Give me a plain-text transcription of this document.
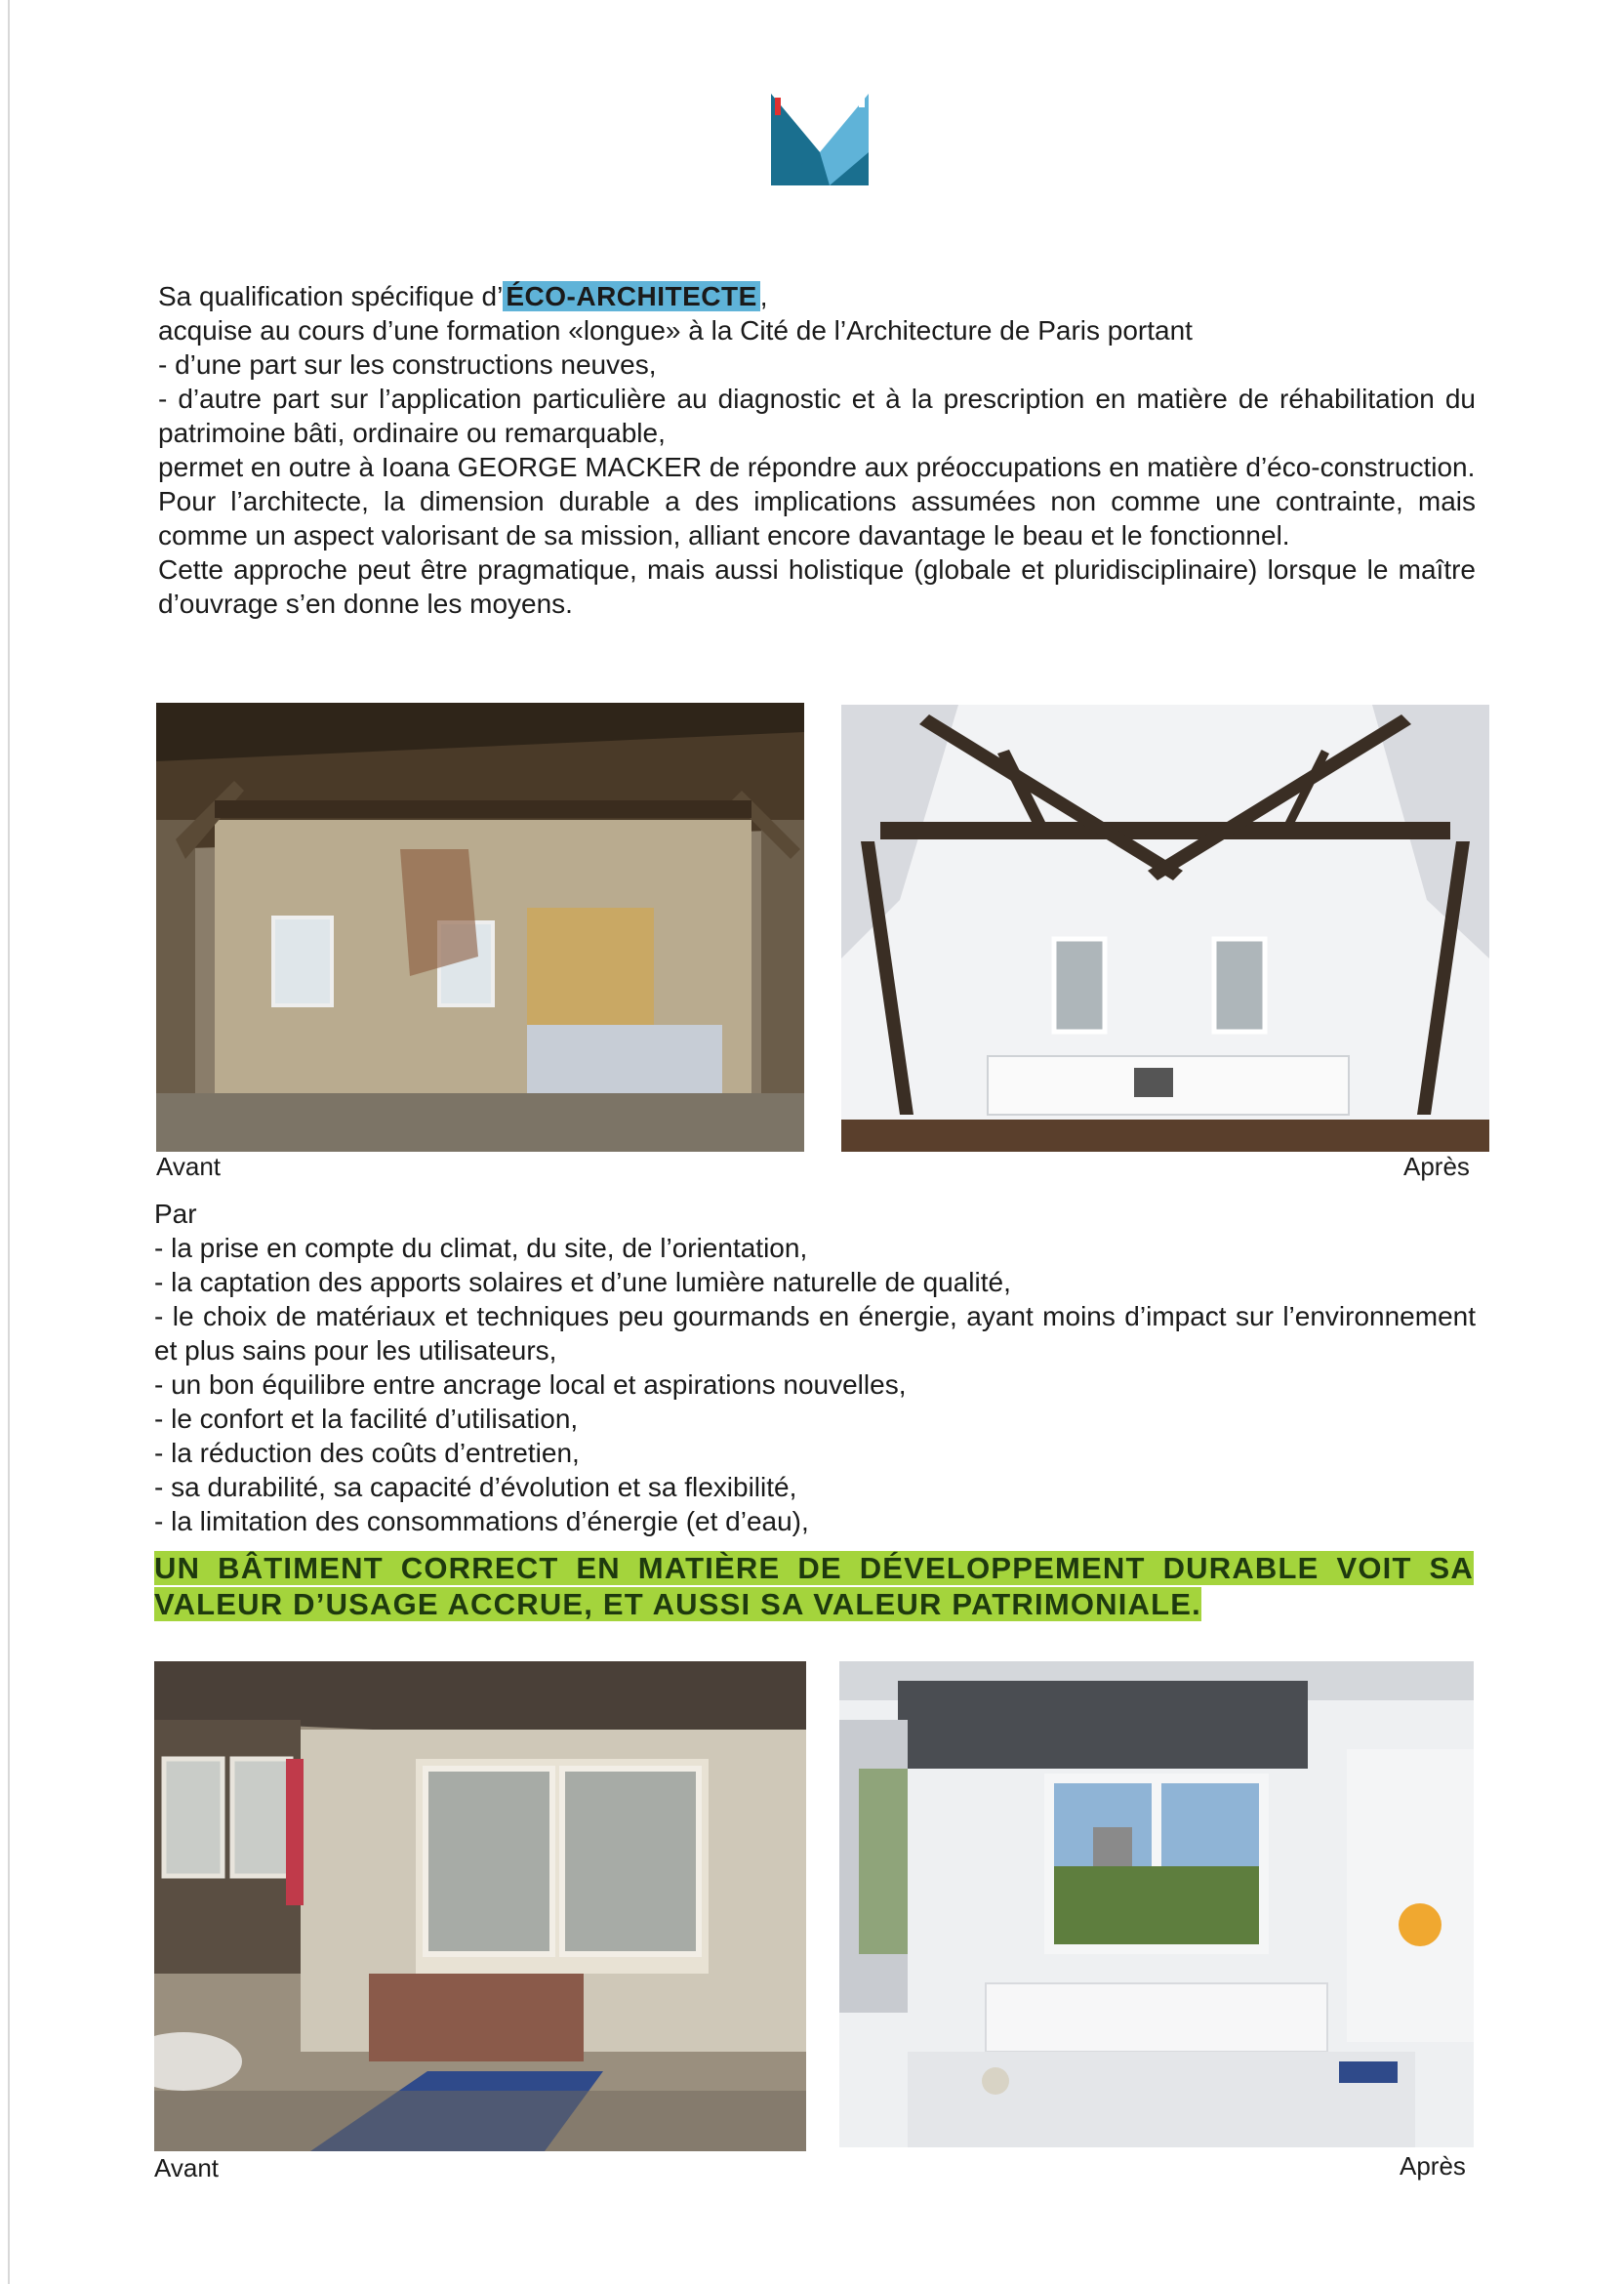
Sa qualification spécifique d’ ÉCO-ARCHITECTE ,

acquise au cours d’une formation «longue» à la Cité de l’Architecture de Paris portant

- d’une part sur les constructions neuves,

- d’autre part sur l’application particulière au diagnostic et à la prescription en matière de réhabilitation du patrimoine bâti, ordinaire ou remarquable,

permet en outre à Ioana GEORGE MACKER de répondre aux préoccupations en matière d’éco-construction.

Pour l’architecte, la dimension durable a des implications assumées non comme une contrainte, mais comme un aspect valorisant de sa mission, alliant encore davantage le beau et le fonctionnel.

Cette approche peut être pragmatique, mais aussi holistique (globale et pluridisciplinaire) lorsque le maître d’ouvrage s’en donne les moyens.

Avant	Après

Par

- la prise en compte du climat, du site, de l’orientation,

- la captation des apports solaires et d’une lumière naturelle de qualité,

- le choix de matériaux et techniques peu gourmands en énergie, ayant moins d’impact sur l’environnement et plus sains pour les utilisateurs,

- un bon équilibre entre ancrage local et aspirations nouvelles,

- le confort et la facilité d’utilisation,

- la réduction des coûts d’entretien,

- sa durabilité, sa capacité d’évolution et sa flexibilité,

- la limitation des consommations d’énergie (et d’eau),

UN BÂTIMENT CORRECT EN MATIÈRE DE DÉVELOPPEMENT DURABLE VOIT SA VALEUR D’USAGE ACCRUE, ET AUSSI SA VALEUR PATRIMONIALE.
Avant	Après
